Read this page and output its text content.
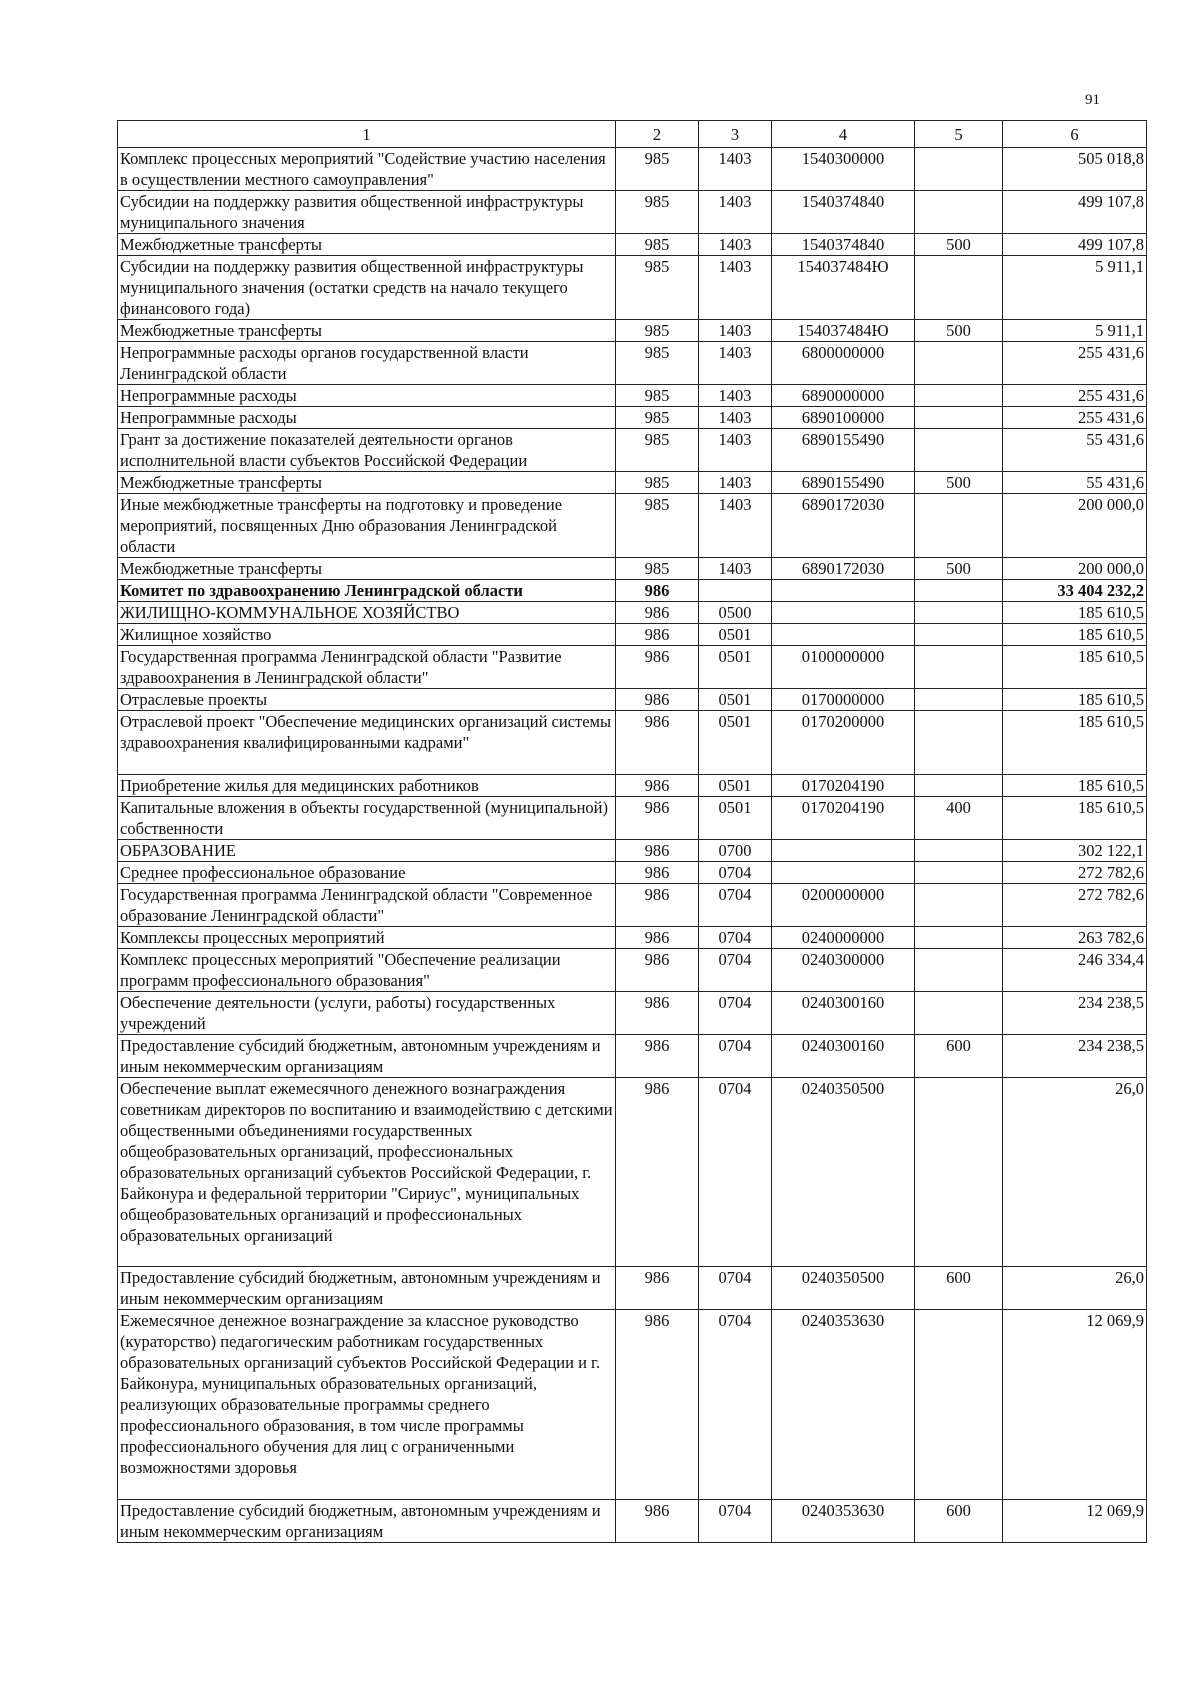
91
1	2	3	4	5	6
Комплекс процессных мероприятий "Содействие участию населения в осуществлении местного самоуправления"	985	1403	1540300000		505 018,8
Субсидии на поддержку развития общественной инфраструктуры муниципального значения	985	1403	1540374840		499 107,8
Межбюджетные трансферты	985	1403	1540374840	500	499 107,8
Субсидии на поддержку развития общественной инфраструктуры муниципального значения (остатки средств на начало текущего финансового года)	985	1403	154037484Ю		5 911,1
Межбюджетные трансферты	985	1403	154037484Ю	500	5 911,1
Непрограммные расходы органов государственной власти Ленинградской области	985	1403	6800000000		255 431,6
Непрограммные расходы	985	1403	6890000000		255 431,6
Непрограммные расходы	985	1403	6890100000		255 431,6
Грант за достижение показателей деятельности органов исполнительной власти субъектов Российской Федерации	985	1403	6890155490		55 431,6
Межбюджетные трансферты	985	1403	6890155490	500	55 431,6
Иные межбюджетные трансферты на подготовку и проведение мероприятий, посвященных Дню образования Ленинградской области	985	1403	6890172030		200 000,0
Межбюджетные трансферты	985	1403	6890172030	500	200 000,0
Комитет по здравоохранению Ленинградской области	986				33 404 232,2
ЖИЛИЩНО-КОММУНАЛЬНОЕ ХОЗЯЙСТВО	986	0500			185 610,5
Жилищное хозяйство	986	0501			185 610,5
Государственная программа Ленинградской области "Развитие здравоохранения в Ленинградской области"	986	0501	0100000000		185 610,5
Отраслевые проекты	986	0501	0170000000		185 610,5
Отраслевой проект "Обеспечение медицинских организаций системы здравоохранения квалифицированными кадрами"	986	0501	0170200000		185 610,5
Приобретение жилья для медицинских работников	986	0501	0170204190		185 610,5
Капитальные вложения в объекты государственной (муниципальной) собственности	986	0501	0170204190	400	185 610,5
ОБРАЗОВАНИЕ	986	0700			302 122,1
Среднее профессиональное образование	986	0704			272 782,6
Государственная программа Ленинградской области "Современное образование Ленинградской области"	986	0704	0200000000		272 782,6
Комплексы процессных мероприятий	986	0704	0240000000		263 782,6
Комплекс процессных мероприятий "Обеспечение реализации программ профессионального образования"	986	0704	0240300000		246 334,4
Обеспечение деятельности (услуги, работы) государственных учреждений	986	0704	0240300160		234 238,5
Предоставление субсидий бюджетным, автономным учреждениям и иным некоммерческим организациям	986	0704	0240300160	600	234 238,5
Обеспечение выплат ежемесячного денежного вознаграждения советникам директоров по воспитанию и взаимодействию с детскими общественными объединениями государственных общеобразовательных организаций, профессиональных образовательных организаций субъектов Российской Федерации, г. Байконура и федеральной территории "Сириус", муниципальных общеобразовательных организаций и профессиональных образовательных организаций	986	0704	0240350500		26,0
Предоставление субсидий бюджетным, автономным учреждениям и иным некоммерческим организациям	986	0704	0240350500	600	26,0
Ежемесячное денежное вознаграждение за классное руководство (кураторство) педагогическим работникам государственных образовательных организаций субъектов Российской Федерации и г. Байконура, муниципальных образовательных организаций, реализующих образовательные программы среднего профессионального образования, в том числе программы профессионального обучения для лиц с ограниченными возможностями здоровья	986	0704	0240353630		12 069,9
Предоставление субсидий бюджетным, автономным учреждениям и иным некоммерческим организациям	986	0704	0240353630	600	12 069,9
